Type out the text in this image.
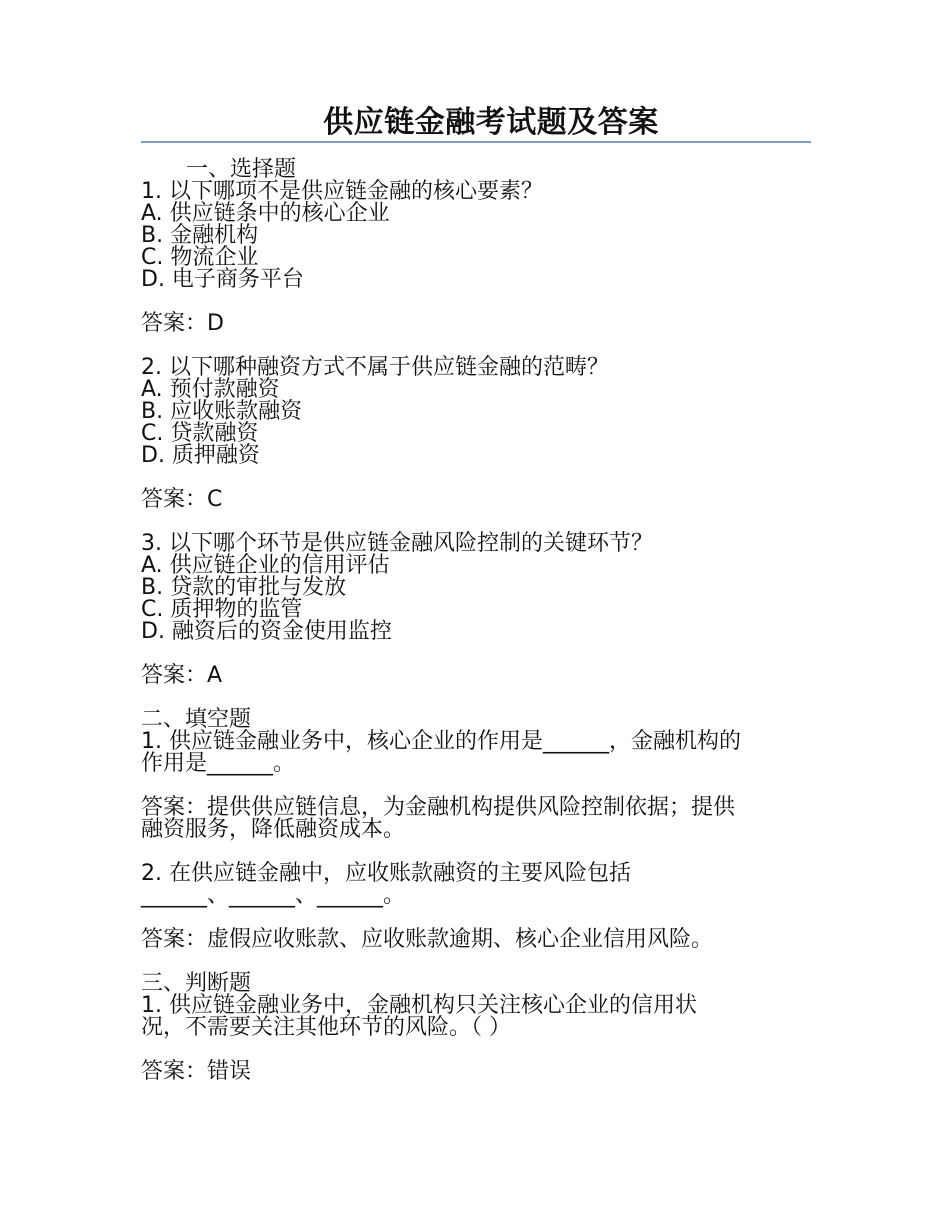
供应链金融考试题及答案
一、选择题
1. 以下哪项不是供应链金融的核心要素？
A. 供应链条中的核心企业
B. 金融机构
C. 物流企业
D. 电子商务平台
答案：D
2. 以下哪种融资方式不属于供应链金融的范畴？
A. 预付款融资
B. 应收账款融资
C. 贷款融资
D. 质押融资
答案：C
3. 以下哪个环节是供应链金融风险控制的关键环节？
A. 供应链企业的信用评估
B. 贷款的审批与发放
C. 质押物的监管
D. 融资后的资金使用监控
答案：A
二、填空题
1. 供应链金融业务中，核心企业的作用是______，金融机构的
作用是______。
答案：提供供应链信息，为金融机构提供风险控制依据；提供
融资服务，降低融资成本。
2. 在供应链金融中，应收账款融资的主要风险包括
______、______、______。
答案：虚假应收账款、应收账款逾期、核心企业信用风险。
三、判断题
1. 供应链金融业务中，金融机构只关注核心企业的信用状
况，不需要关注其他环节的风险。（ ）
答案：错误
